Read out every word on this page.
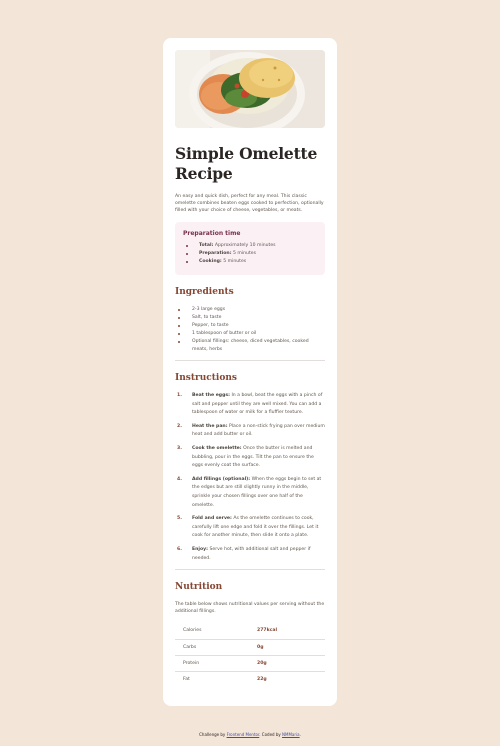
Simple Omelette Recipe

An easy and quick dish, perfect for any meal. This classic omelette combines beaten eggs cooked to perfection, optionally filled with your choice of cheese, vegetables, or meats.

Preparation time
Total: Approximately 10 minutes
Preparation: 5 minutes
Cooking: 5 minutes
Ingredients
2-3 large eggs
Salt, to taste
Pepper, to taste
1 tablespoon of butter or oil
Optional fillings: cheese, diced vegetables, cooked meats, herbs
Instructions
Beat the eggs: In a bowl, beat the eggs with a pinch of salt and pepper until they are well mixed. You can add a tablespoon of water or milk for a fluffier texture.
Heat the pan: Place a non-stick frying pan over medium heat and add butter or oil.
Cook the omelette: Once the butter is melted and bubbling, pour in the eggs. Tilt the pan to ensure the eggs evenly coat the surface.
Add fillings (optional): When the eggs begin to set at the edges but are still slightly runny in the middle, sprinkle your chosen fillings over one half of the omelette.
Fold and serve: As the omelette continues to cook, carefully lift one edge and fold it over the fillings. Let it cook for another minute, then slide it onto a plate.
Enjoy: Serve hot, with additional salt and pepper if needed.
Nutrition

The table below shows nutritional values per serving without the additional fillings.

Calories	277kcal
Carbs	0g
Protein	20g
Fat	22g
Challenge by Frontend Mentor. Coded by NMMaria.
